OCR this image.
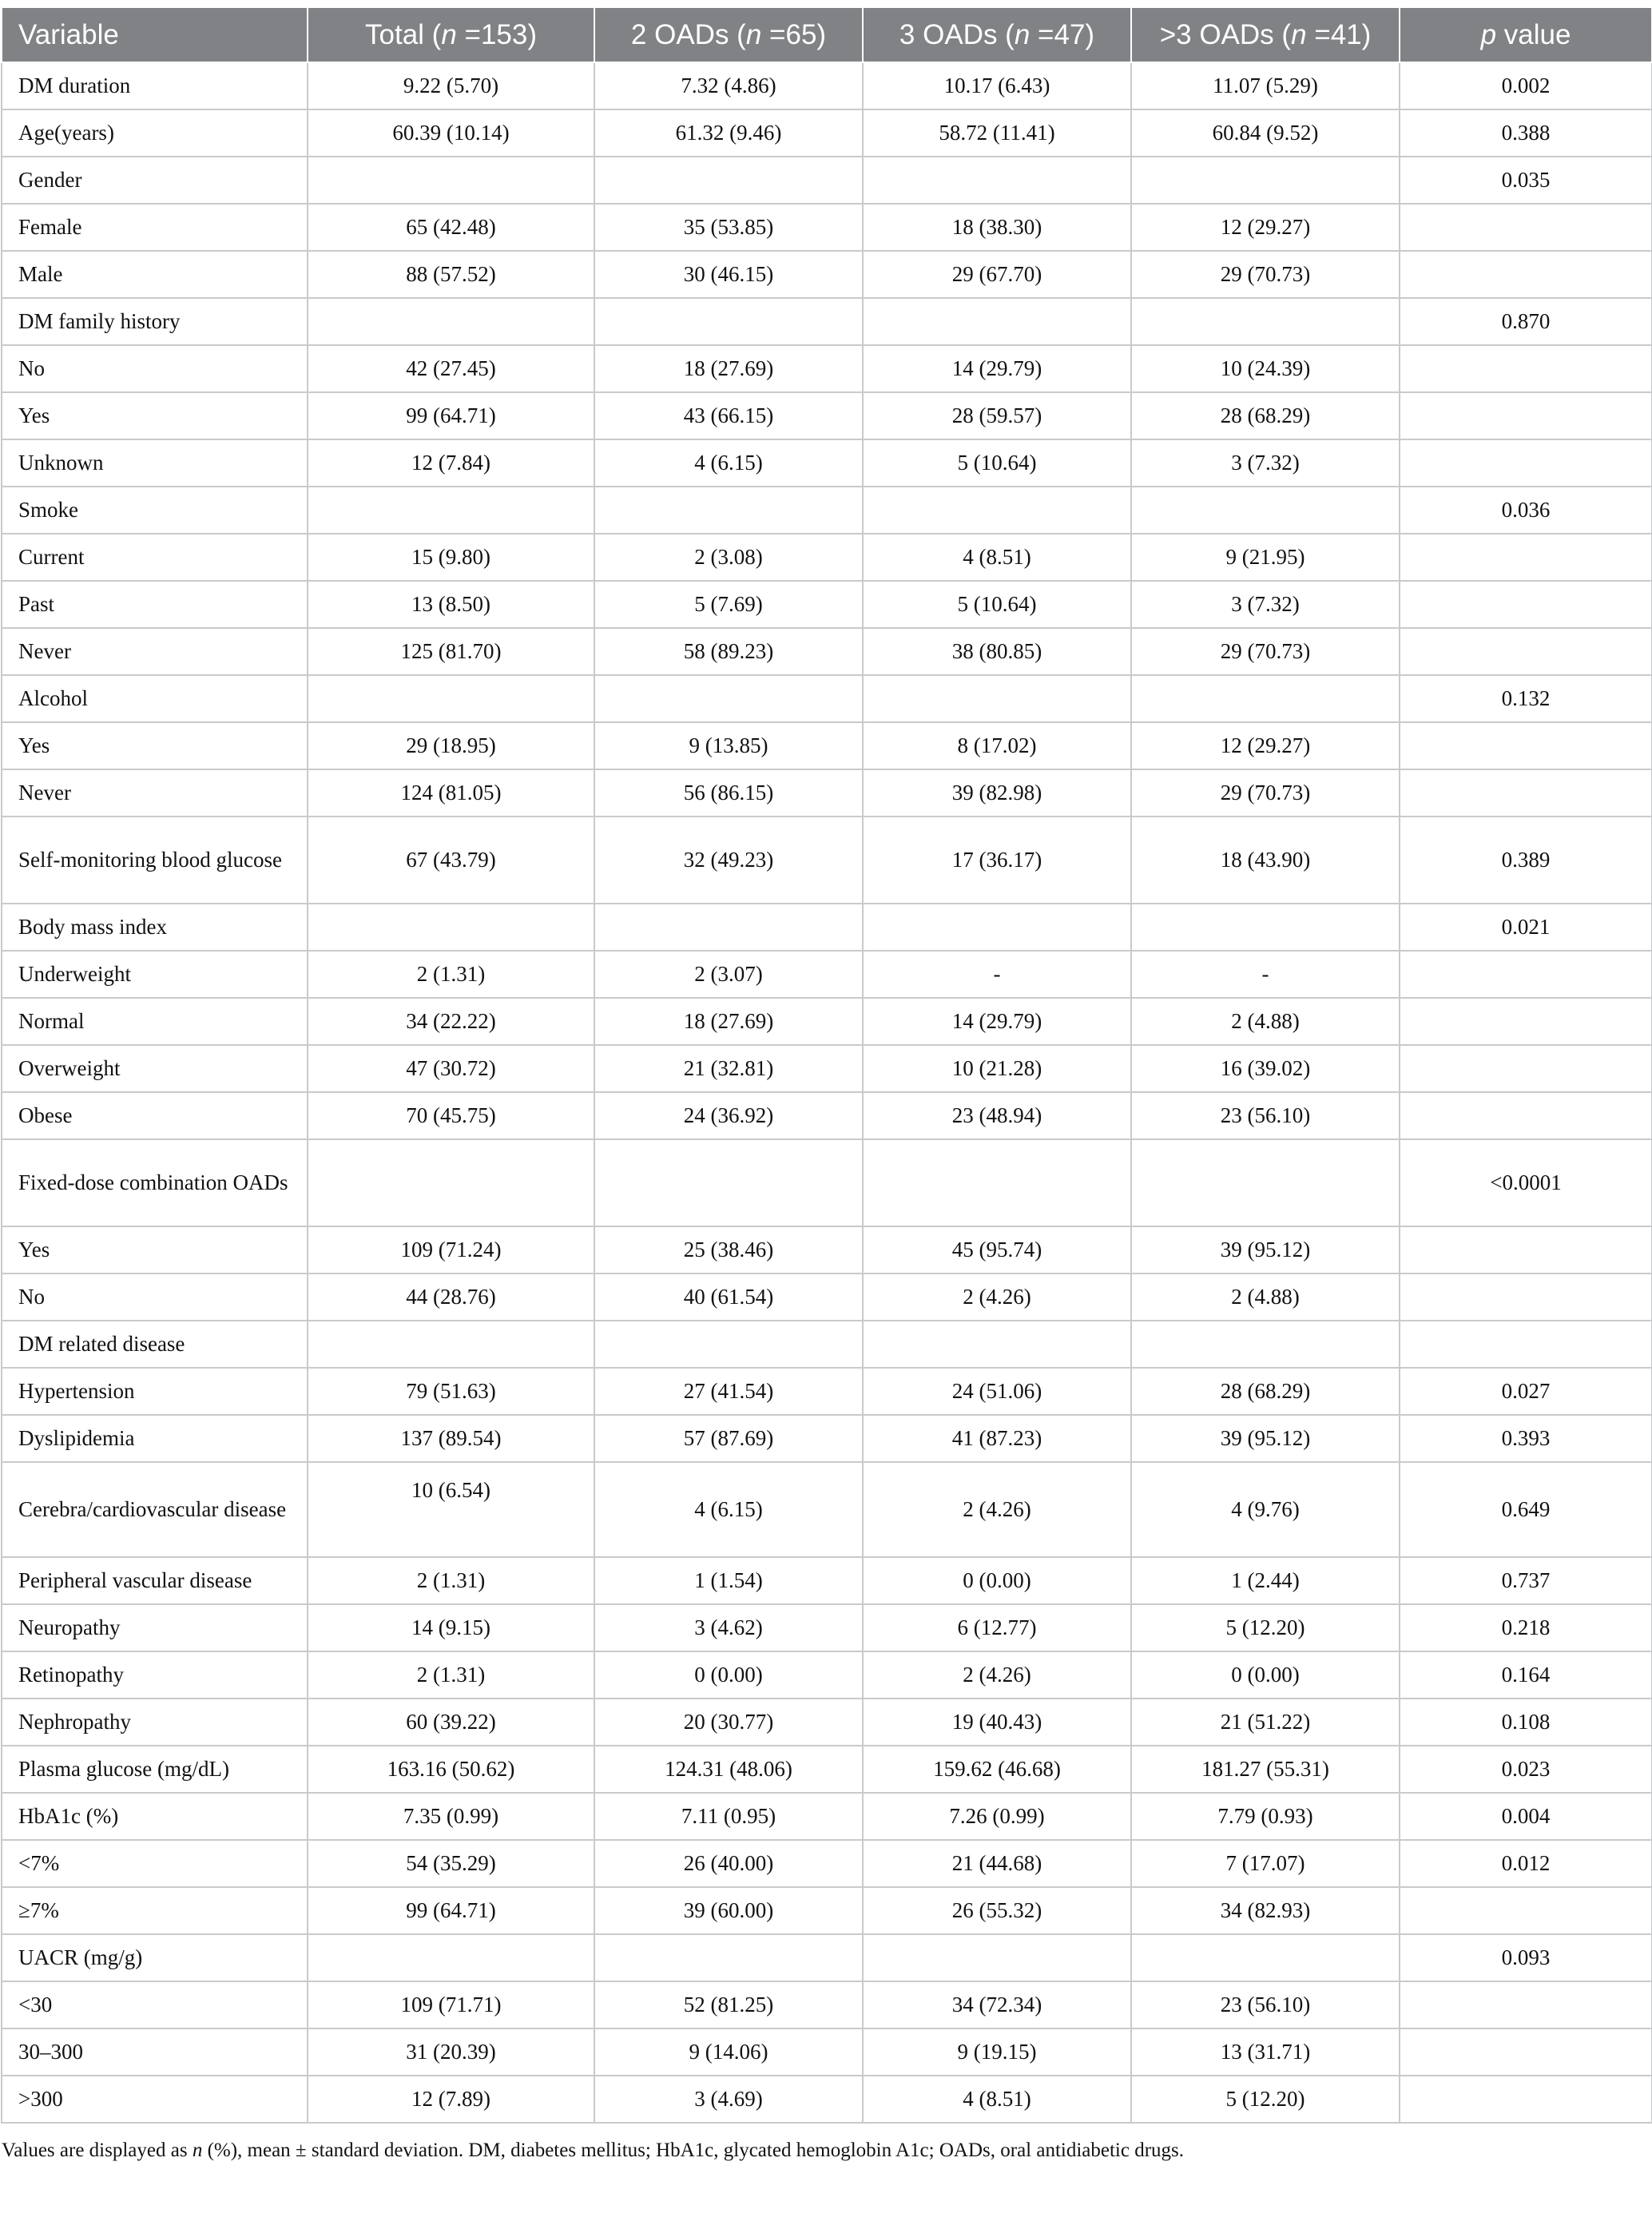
Variable	Total (n =153)	2 OADs (n =65)	3 OADs (n =47)	>3 OADs (n =41)	p value
DM duration	9.22 (5.70)	7.32 (4.86)	10.17 (6.43)	11.07 (5.29)	0.002
Age(years)	60.39 (10.14)	61.32 (9.46)	58.72 (11.41)	60.84 (9.52)	0.388
Gender					0.035
Female	65 (42.48)	35 (53.85)	18 (38.30)	12 (29.27)	
Male	88 (57.52)	30 (46.15)	29 (67.70)	29 (70.73)	
DM family history					0.870
No	42 (27.45)	18 (27.69)	14 (29.79)	10 (24.39)	
Yes	99 (64.71)	43 (66.15)	28 (59.57)	28 (68.29)	
Unknown	12 (7.84)	4 (6.15)	5 (10.64)	3 (7.32)	
Smoke					0.036
Current	15 (9.80)	2 (3.08)	4 (8.51)	9 (21.95)	
Past	13 (8.50)	5 (7.69)	5 (10.64)	3 (7.32)	
Never	125 (81.70)	58 (89.23)	38 (80.85)	29 (70.73)	
Alcohol					0.132
Yes	29 (18.95)	9 (13.85)	8 (17.02)	12 (29.27)	
Never	124 (81.05)	56 (86.15)	39 (82.98)	29 (70.73)	
Self-monitoring blood glucose	67 (43.79)	32 (49.23)	17 (36.17)	18 (43.90)	0.389
Body mass index					0.021
Underweight	2 (1.31)	2 (3.07)	-	-	
Normal	34 (22.22)	18 (27.69)	14 (29.79)	2 (4.88)	
Overweight	47 (30.72)	21 (32.81)	10 (21.28)	16 (39.02)	
Obese	70 (45.75)	24 (36.92)	23 (48.94)	23 (56.10)	
Fixed-dose combination OADs					<0.0001
Yes	109 (71.24)	25 (38.46)	45 (95.74)	39 (95.12)	
No	44 (28.76)	40 (61.54)	2 (4.26)	2 (4.88)	
DM related disease					
Hypertension	79 (51.63)	27 (41.54)	24 (51.06)	28 (68.29)	0.027
Dyslipidemia	137 (89.54)	57 (87.69)	41 (87.23)	39 (95.12)	0.393
Cerebra/cardiovascular disease	10 (6.54)	4 (6.15)	2 (4.26)	4 (9.76)	0.649
Peripheral vascular disease	2 (1.31)	1 (1.54)	0 (0.00)	1 (2.44)	0.737
Neuropathy	14 (9.15)	3 (4.62)	6 (12.77)	5 (12.20)	0.218
Retinopathy	2 (1.31)	0 (0.00)	2 (4.26)	0 (0.00)	0.164
Nephropathy	60 (39.22)	20 (30.77)	19 (40.43)	21 (51.22)	0.108
Plasma glucose (mg/dL)	163.16 (50.62)	124.31 (48.06)	159.62 (46.68)	181.27 (55.31)	0.023
HbA1c (%)	7.35 (0.99)	7.11 (0.95)	7.26 (0.99)	7.79 (0.93)	0.004
<7%	54 (35.29)	26 (40.00)	21 (44.68)	7 (17.07)	0.012
≥7%	99 (64.71)	39 (60.00)	26 (55.32)	34 (82.93)	
UACR (mg/g)					0.093
<30	109 (71.71)	52 (81.25)	34 (72.34)	23 (56.10)	
30–300	31 (20.39)	9 (14.06)	9 (19.15)	13 (31.71)	
>300	12 (7.89)	3 (4.69)	4 (8.51)	5 (12.20)	
Values are displayed as n (%), mean ± standard deviation. DM, diabetes mellitus; HbA1c, glycated hemoglobin A1c; OADs, oral antidiabetic drugs.
